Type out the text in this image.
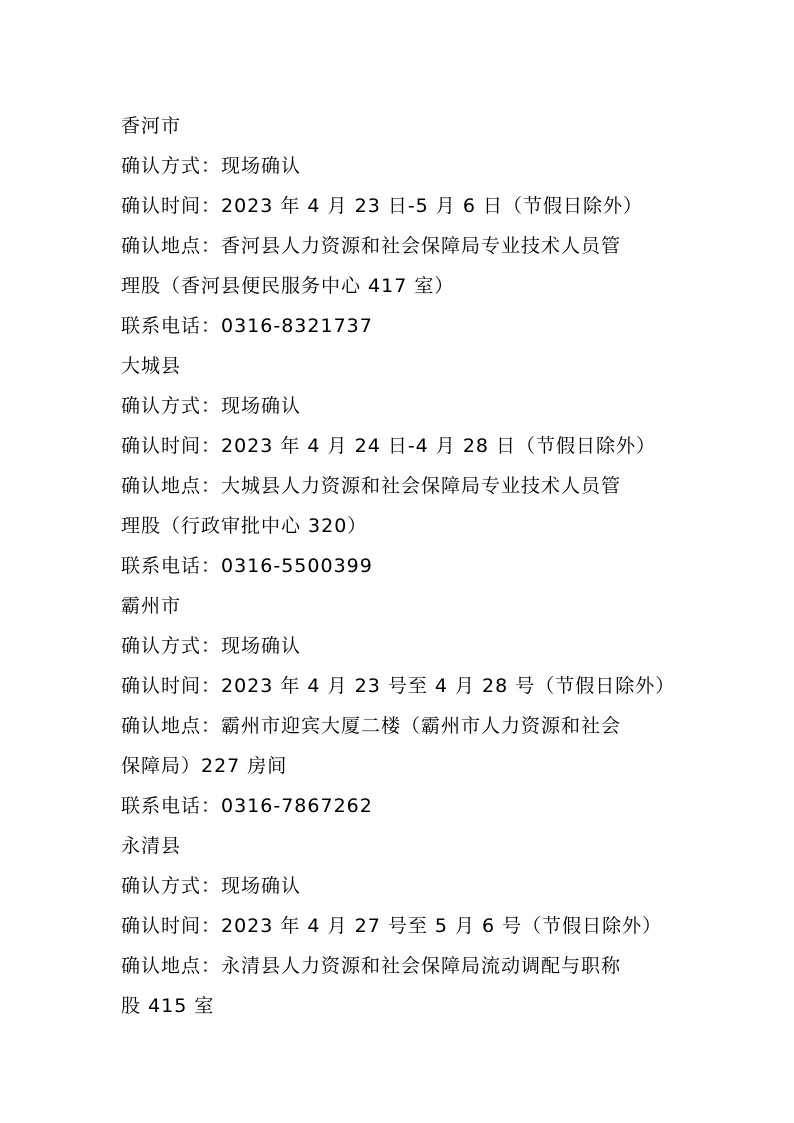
香河市
确认方式：现场确认
确认时间：2023 年 4 月 23 日-5 月 6 日（节假日除外）
确认地点：香河县人力资源和社会保障局专业技术人员管
理股（香河县便民服务中心 417 室）
联系电话：0316-8321737
大城县
确认方式：现场确认
确认时间：2023 年 4 月 24 日-4 月 28 日（节假日除外）
确认地点：大城县人力资源和社会保障局专业技术人员管
理股（行政审批中心 320）
联系电话：0316-5500399
霸州市
确认方式：现场确认
确认时间：2023 年 4 月 23 号至 4 月 28 号（节假日除外）
确认地点：霸州市迎宾大厦二楼（霸州市人力资源和社会
保障局）227 房间
联系电话：0316-7867262
永清县
确认方式：现场确认
确认时间：2023 年 4 月 27 号至 5 月 6 号（节假日除外）
确认地点：永清县人力资源和社会保障局流动调配与职称
股 415 室
